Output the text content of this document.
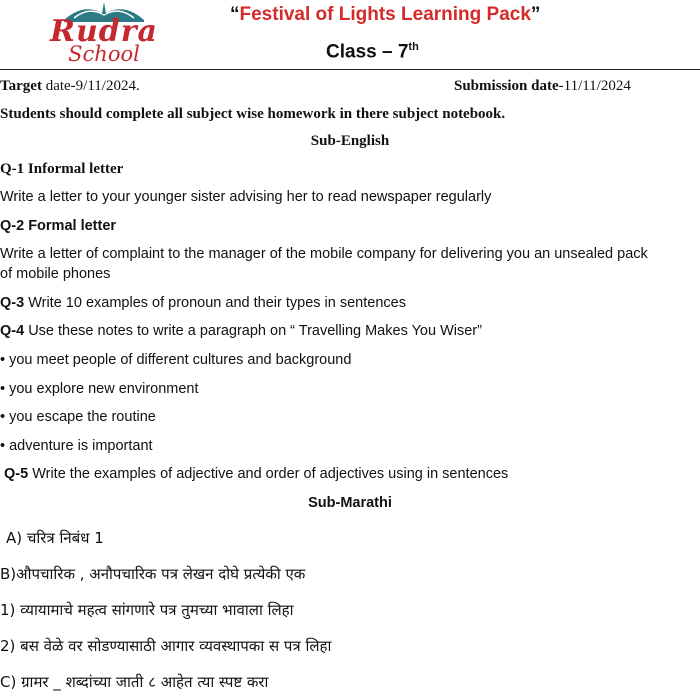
Rudra
School
“Festival of Lights Learning Pack”
Class – 7th
Target date-9/11/2024.	Submission date-11/11/2024
Students should complete all subject wise homework in there subject notebook.
Sub-English
Q-1 Informal letter
Write a letter to your younger sister advising her to read newspaper regularly
Q-2 Formal letter
Write a letter of complaint to the manager of the mobile company for delivering you an unsealed pack
of mobile phones
Q-3 Write 10 examples of pronoun and their types in sentences
Q-4 Use these notes to write a paragraph on “ Travelling Makes You Wiser”
• you meet people of different cultures and background
• you explore new environment
• you escape the routine
• adventure is important
Q-5 Write the examples of adjective and order of adjectives using in sentences
Sub-Marathi
A) चरित्र निबंध 1
B)औपचारिक , अनौपचारिक पत्र लेखन दोघे प्रत्येकी एक
1) व्यायामाचे महत्व सांगणारे पत्र तुमच्या भावाला लिहा
2) बस वेळे वर सोडण्यासाठी आगार व्यवस्थापका स पत्र लिहा
C) ग्रामर _ शब्दांच्या जाती ८ आहेत त्या स्पष्ट करा
